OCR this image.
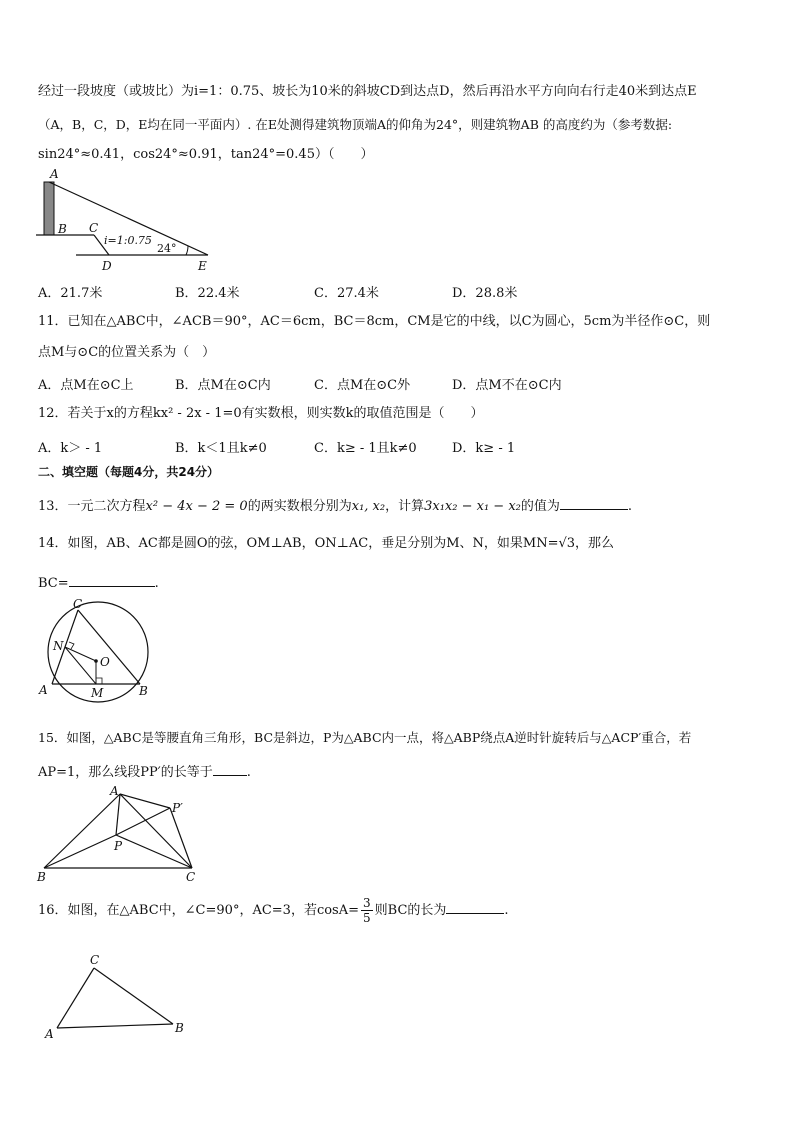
经过一段坡度（或坡比）为i=1：0.75、坡长为10米的斜坡CD到达点D，然后再沿水平方向向右行走40米到达点E
（A，B，C，D，E均在同一平面内）. 在E处测得建筑物顶端A的仰角为24°，则建筑物AB 的高度约为（参考数据:
sin24°≈0.41，cos24°≈0.91，tan24°=0.45）（　　）
A
B C
D	E
i=1:0.75
24°
A．21.7米	B．22.4米	C．27.4米	D．28.8米
11．已知在△ABC中，∠ACB＝90°，AC＝6cm，BC＝8cm，CM是它的中线，以C为圆心，5cm为半径作⊙C，则
点M与⊙C的位置关系为（　）
A．点M在⊙C上	B．点M在⊙C内	C．点M在⊙C外	D．点M不在⊙C内
12．若关于x的方程kx² - 2x - 1=0有实数根，则实数k的取值范围是（　　）
A．k＞ - 1	B．k＜1且k≠0	C．k≥ - 1且k≠0	D．k≥ - 1
二、填空题（每题4分，共24分）
13．一元二次方程x² − 4x − 2 = 0的两实数根分别为x₁, x₂，计算3x₁x₂ − x₁ − x₂的值为	.
14．如图，AB、AC都是圆O的弦，OM⊥AB，ON⊥AC，垂足分别为M、N，如果MN=√3，那么
BC=	.
C
N
O
A	M	B
15．如图，△ABC是等腰直角三角形，BC是斜边，P为△ABC内一点，将△ABP绕点A逆时针旋转后与△ACP′重合，若
AP=1，那么线段PP′的长等于	.
A
P′
P
B	C
16．如图，在△ABC中，∠C=90°，AC=3，若$\cos A= \frac{3}{5}$ 则BC的长为	.
C
A	B
